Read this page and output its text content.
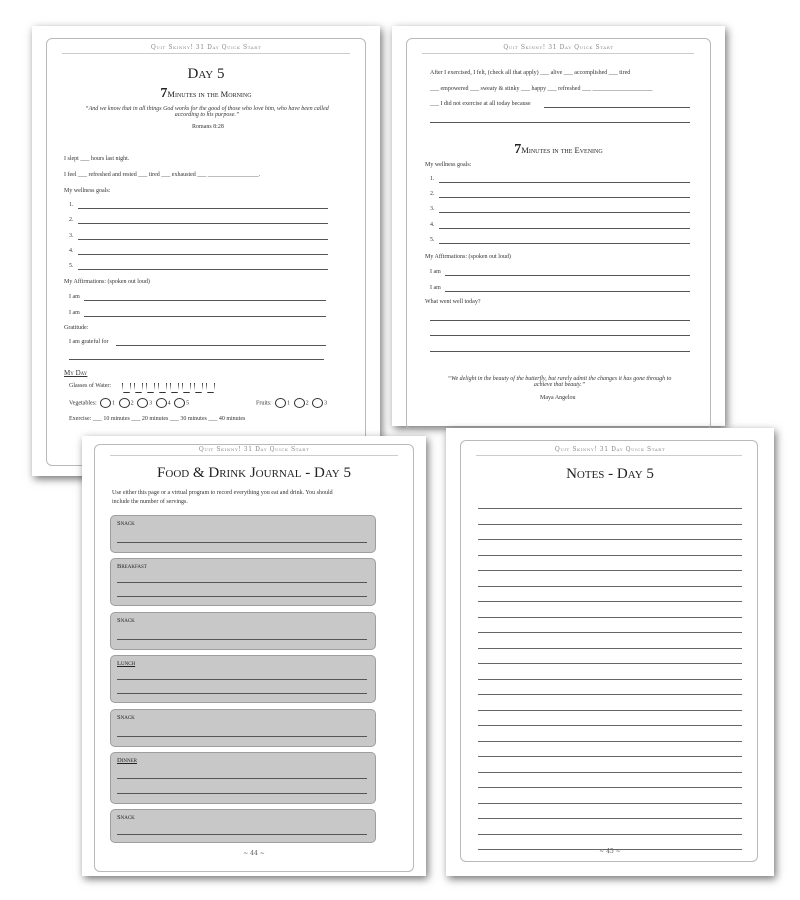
Quit Skinny! 31 Day Quick Start
Day 5
7Minutes in the Morning
“And we know that in all things God works for the good of those who love him, who have been called according to his purpose.”
Romans 8:28
I slept ___ hours last night.
I feel ___ refreshed and rested ___ tired ___ exhausted ___ _________________.
My wellness goals:
1.
2.
3.
4.
5.
My Affirmations: (spoken out loud)
I am
I am
Gratitude:
I am grateful for
My Day
Glasses of Water:
Vegetables:	1	2	3	4	5	Fruits:	1	2	3
Exercise: ___ 10 minutes ___ 20 minutes ___ 30 minutes ___ 40 minutes
Quit Skinny! 31 Day Quick Start
After I exercised, I felt, (check all that apply) ___ alive ___ accomplished ___ tired
___ empowered ___ sweaty & stinky ___ happy ___ refreshed ___ ____________________
___ I did not exercise at all today because
7Minutes in the Evening
My wellness goals:
1.
2.
3.
4.
5.
My Affirmations: (spoken out loud)
I am
I am
What went well today?
“We delight in the beauty of the butterfly, but rarely admit the changes it has gone through to achieve that beauty.”
Maya Angelou
Quit Skinny! 31 Day Quick Start
Food & Drink Journal - Day 5
Use either this page or a virtual program to record everything you eat and drink. You should
include the number of servings.
Snack
Breakfast
Snack
Lunch
Snack
Dinner
Snack
~ 44 ~
Quit Skinny! 31 Day Quick Start
Notes - Day 5
~ 45 ~
